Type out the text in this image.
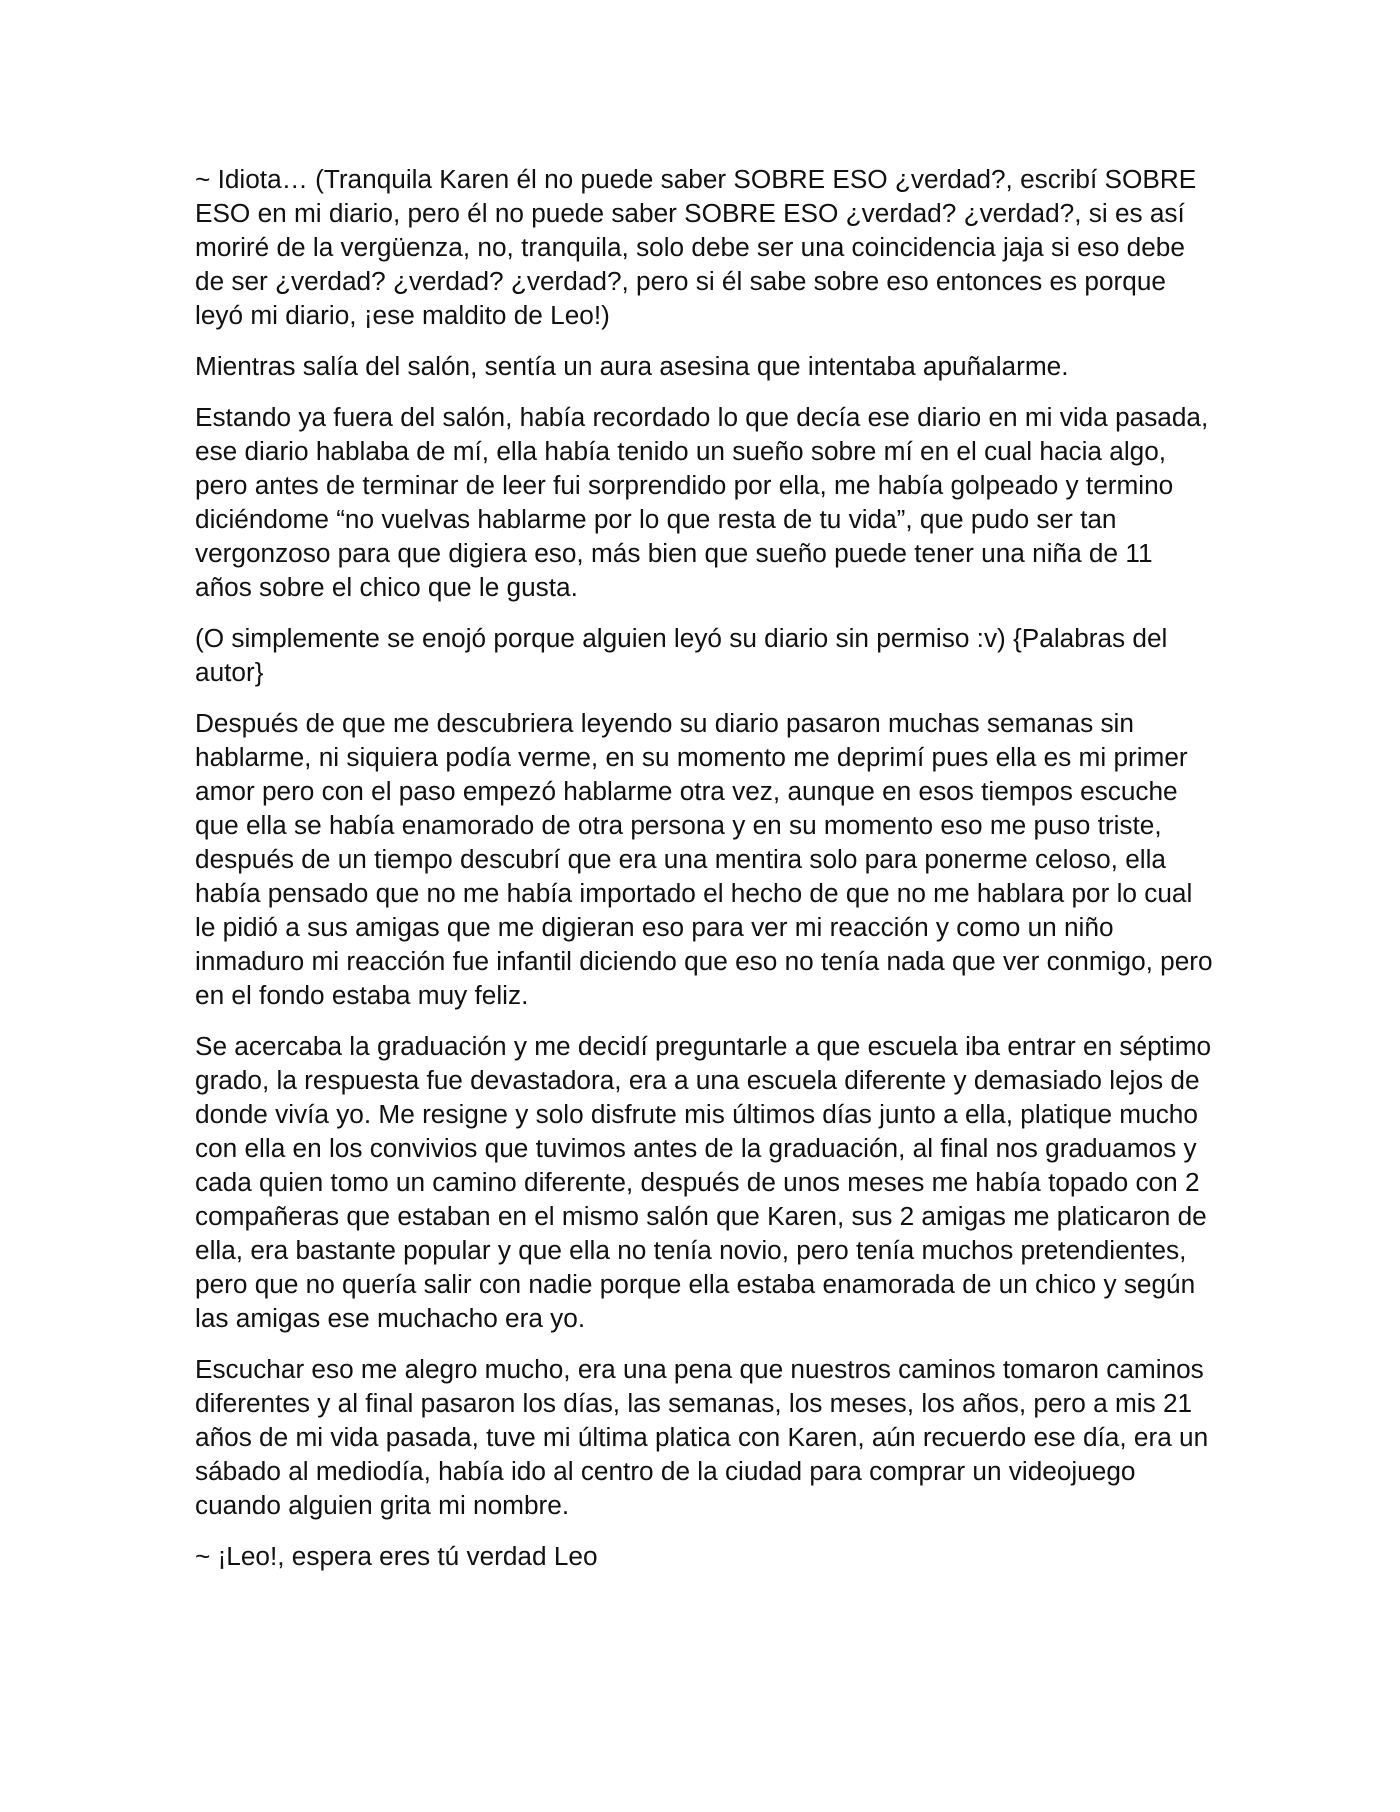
~ Idiota… (Tranquila Karen él no puede saber SOBRE ESO ¿verdad?, escribí SOBRE ESO en mi diario, pero él no puede saber SOBRE ESO ¿verdad? ¿verdad?, si es así moriré de la vergüenza, no, tranquila, solo debe ser una coincidencia jaja si eso debe de ser ¿verdad? ¿verdad? ¿verdad?, pero si él sabe sobre eso entonces es porque leyó mi diario, ¡ese maldito de Leo!)

Mientras salía del salón, sentía un aura asesina que intentaba apuñalarme.

Estando ya fuera del salón, había recordado lo que decía ese diario en mi vida pasada, ese diario hablaba de mí, ella había tenido un sueño sobre mí en el cual hacia algo, pero antes de terminar de leer fui sorprendido por ella, me había golpeado y termino diciéndome “no vuelvas hablarme por lo que resta de tu vida”, que pudo ser tan vergonzoso para que digiera eso, más bien que sueño puede tener una niña de 11 años sobre el chico que le gusta.

(O simplemente se enojó porque alguien leyó su diario sin permiso :v) {Palabras del autor}

Después de que me descubriera leyendo su diario pasaron muchas semanas sin hablarme, ni siquiera podía verme, en su momento me deprimí pues ella es mi primer amor pero con el paso empezó hablarme otra vez, aunque en esos tiempos escuche que ella se había enamorado de otra persona y en su momento eso me puso triste, después de un tiempo descubrí que era una mentira solo para ponerme celoso, ella había pensado que no me había importado el hecho de que no me hablara por lo cual le pidió a sus amigas que me digieran eso para ver mi reacción y como un niño inmaduro mi reacción fue infantil diciendo que eso no tenía nada que ver conmigo, pero en el fondo estaba muy feliz.

Se acercaba la graduación y me decidí preguntarle a que escuela iba entrar en séptimo grado, la respuesta fue devastadora, era a una escuela diferente y demasiado lejos de donde vivía yo. Me resigne y solo disfrute mis últimos días junto a ella, platique mucho con ella en los convivios que tuvimos antes de la graduación, al final nos graduamos y cada quien tomo un camino diferente, después de unos meses me había topado con 2 compañeras que estaban en el mismo salón que Karen, sus 2 amigas me platicaron de ella, era bastante popular y que ella no tenía novio, pero tenía muchos pretendientes, pero que no quería salir con nadie porque ella estaba enamorada de un chico y según las amigas ese muchacho era yo.

Escuchar eso me alegro mucho, era una pena que nuestros caminos tomaron caminos diferentes y al final pasaron los días, las semanas, los meses, los años, pero a mis 21 años de mi vida pasada, tuve mi última platica con Karen, aún recuerdo ese día, era un sábado al mediodía, había ido al centro de la ciudad para comprar un videojuego cuando alguien grita mi nombre.

~ ¡Leo!, espera eres tú verdad Leo
